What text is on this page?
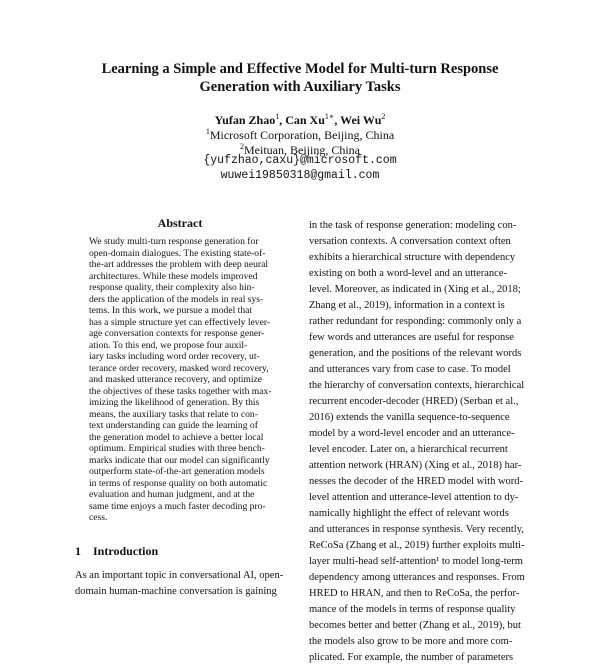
Learning a Simple and Effective Model for Multi-turn Response
Generation with Auxiliary Tasks
Yufan Zhao$^1$, Can $Xu^{1∗}$, Wei Wu$^2$
$^1$Microsoft Corporation, Beijing, China
$^2$Meituan, Beijing, China
{yufzhao,caxu}@microsoft.com
wuwei19850318@gmail.com
Abstract
We study multi-turn response generation for
open-domain dialogues. The existing state-of-
the-art addresses the problem with deep neural
architectures. While these models improved
response quality, their complexity also hin-
ders the application of the models in real sys-
tems. In this work, we pursue a model that
has a simple structure yet can effectively lever-
age conversation contexts for response gener-
ation. To this end, we propose four auxil-
iary tasks including word order recovery, ut-
terance order recovery, masked word recovery,
and masked utterance recovery, and optimize
the objectives of these tasks together with max-
imizing the likelihood of generation. By this
means, the auxiliary tasks that relate to con-
text understanding can guide the learning of
the generation model to achieve a better local
optimum. Empirical studies with three bench-
marks indicate that our model can significantly
outperform state-of-the-art generation models
in terms of response quality on both automatic
evaluation and human judgment, and at the
same time enjoys a much faster decoding pro-
cess.
1 Introduction
As an important topic in conversational AI, open-
domain human-machine conversation is gaining
in the task of response generation: modeling con-
versation contexts. A conversation context often
exhibits a hierarchical structure with dependency
existing on both a word-level and an utterance-
level. Moreover, as indicated in (Xing et al., 2018;
Zhang et al., 2019), information in a context is
rather redundant for responding: commonly only a
few words and utterances are useful for response
generation, and the positions of the relevant words
and utterances vary from case to case. To model
the hierarchy of conversation contexts, hierarchical
recurrent encoder-decoder (HRED) (Serban et al.,
2016) extends the vanilla sequence-to-sequence
model by a word-level encoder and an utterance-
level encoder. Later on, a hierarchical recurrent
attention network (HRAN) (Xing et al., 2018) har-
nesses the decoder of the HRED model with word-
level attention and utterance-level attention to dy-
namically highlight the effect of relevant words
and utterances in response synthesis. Very recently,
ReCoSa (Zhang et al., 2019) further exploits multi-
layer multi-head self-attention¹ to model long-term
dependency among utterances and responses. From
HRED to HRAN, and then to ReCoSa, the perfor-
mance of the models in terms of response quality
becomes better and better (Zhang et al., 2019), but
the models also grow to be more and more com-
plicated. For example, the number of parameters
